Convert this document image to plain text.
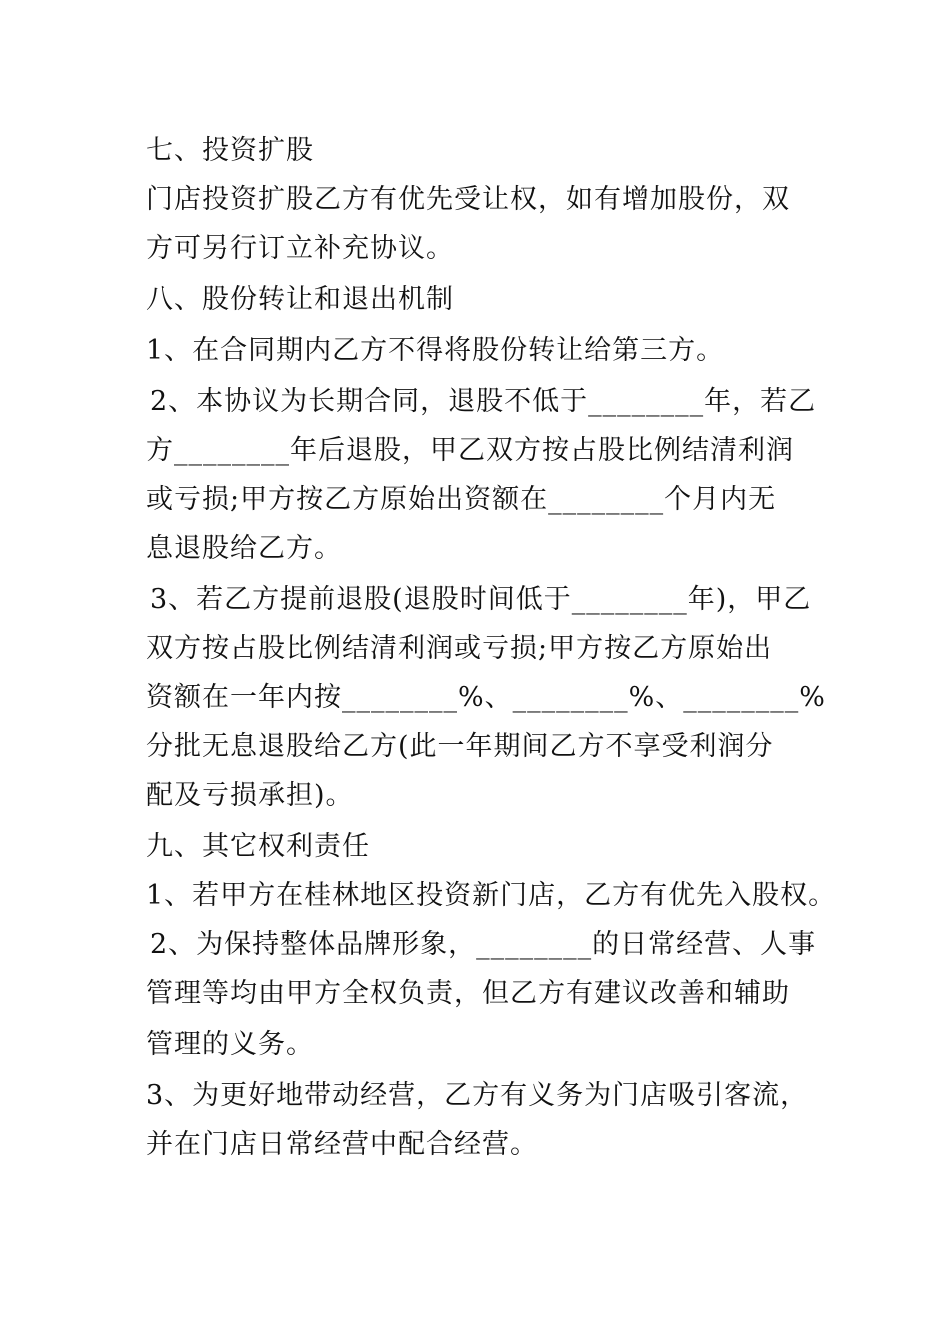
七、投资扩股
门店投资扩股乙方有优先受让权，如有增加股份，双
方可另行订立补充协议。
八、股份转让和退出机制
1、在合同期内乙方不得将股份转让给第三方。
2、本协议为长期合同，退股不低于________年，若乙
方________年后退股，甲乙双方按占股比例结清利润
或亏损;甲方按乙方原始出资额在________个月内无
息退股给乙方。
3、若乙方提前退股(退股时间低于________年)，甲乙
双方按占股比例结清利润或亏损;甲方按乙方原始出
资额在一年内按________%、________%、________%
分批无息退股给乙方(此一年期间乙方不享受利润分
配及亏损承担)。
九、其它权利责任
1、若甲方在桂林地区投资新门店，乙方有优先入股权。
2、为保持整体品牌形象，________的日常经营、人事
管理等均由甲方全权负责，但乙方有建议改善和辅助
管理的义务。
3、为更好地带动经营，乙方有义务为门店吸引客流，
并在门店日常经营中配合经营。
